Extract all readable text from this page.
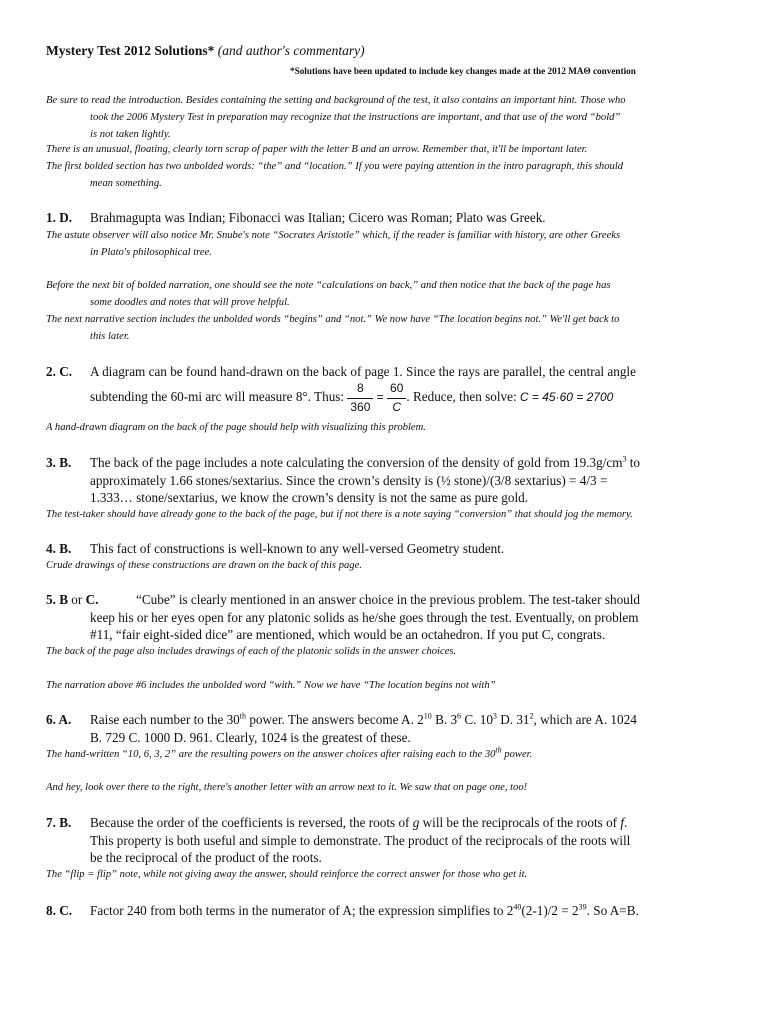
Mystery Test 2012 Solutions* (and author's commentary)
*Solutions have been updated to include key changes made at the 2012 MAΘ convention
Be sure to read the introduction. Besides containing the setting and background of the test, it also contains an important hint. Those who
took the 2006 Mystery Test in preparation may recognize that the instructions are important, and that use of the word “bold”
is not taken lightly.
There is an unusual, floating, clearly torn scrap of paper with the letter B and an arrow. Remember that, it'll be important later.
The first bolded section has two unbolded words: “the” and “location.” If you were paying attention in the intro paragraph, this should
mean something.
1. D. Brahmagupta was Indian; Fibonacci was Italian; Cicero was Roman; Plato was Greek.
The astute observer will also notice Mr. Snube's note “Socrates Aristotle” which, if the reader is familiar with history, are other Greeks
in Plato's philosophical tree.
Before the next bit of bolded narration, one should see the note “calculations on back,” and then notice that the back of the page has
some doodles and notes that will prove helpful.
The next narrative section includes the unbolded words “begins” and “not.” We now have “The location begins not.” We'll get back to
this later.
2. C. A diagram can be found hand-drawn on the back of page 1. Since the rays are parallel, the central angle
subtending the 60-mi arc will measure 8°. Thus: $\frac{8}{360} = \frac{60}{C}$ . Reduce, then solve: C = 45·60 = 2700
A hand-drawn diagram on the back of the page should help with visualizing this problem.
3. B. The back of the page includes a note calculating the conversion of the density of gold from $19.3g/cm^3$ to
approximately 1.66 stones/sextarius. Since the crown’s density is (½ stone)/(3/8 sextarius) = 4/3 =
1.333… stone/sextarius, we know the crown’s density is not the same as pure gold.
The test-taker should have already gone to the back of the page, but if not there is a note saying “conversion” that should jog the memory.
4. B. This fact of constructions is well-known to any well-versed Geometry student.
Crude drawings of these constructions are drawn on the back of this page.
5. B or C.	“Cube” is clearly mentioned in an answer choice in the previous problem. The test-taker should
keep his or her eyes open for any platonic solids as he/she goes through the test. Eventually, on problem
#11, “fair eight-sided dice” are mentioned, which would be an octahedron. If you put C, congrats.
The back of the page also includes drawings of each of the platonic solids in the answer choices.
The narration above #6 includes the unbolded word “with.” Now we have “The location begins not with”
6. A. Raise each number to the 30th power. The answers become A. $2^{10}$ B. $3^6$ C. $10^3$ D. $31^2$, which are A. 1024
B. 729 C. 1000 D. 961. Clearly, 1024 is the greatest of these.
The hand-written “10, 6, 3, 2” are the resulting powers on the answer choices after raising each to the 30th power.
And hey, look over there to the right, there's another letter with an arrow next to it. We saw that on page one, too!
7. B. Because the order of the coefficients is reversed, the roots of g will be the reciprocals of the roots of f.
This property is both useful and simple to demonstrate. The product of the reciprocals of the roots will
be the reciprocal of the product of the roots.
The “flip = flip” note, while not giving away the answer, should reinforce the correct answer for those who get it.
8. C. Factor 240 from both terms in the numerator of A; the expression simplifies to $2^{40}(2-1)/2 = 2^{39}$. So A=B.
